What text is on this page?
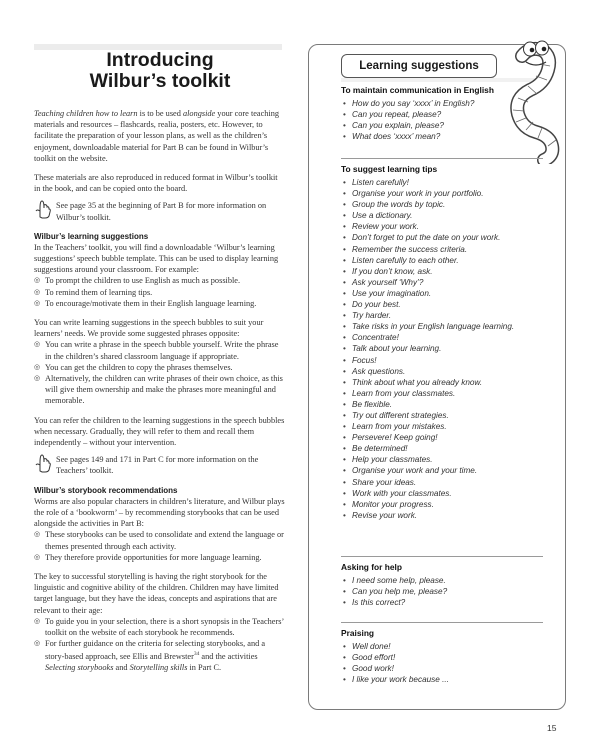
Introducing
Wilbur’s toolkit

Teaching children how to learn is to be used alongside your core teaching materials and resources – flashcards, realia, posters, etc. However, to facilitate the preparation of your lesson plans, as well as the children’s enjoyment, downloadable material for Part B can be found in Wilbur’s toolkit on the website.

These materials are also reproduced in reduced format in Wilbur’s toolkit in the book, and can be copied onto the board.

See page 35 at the beginning of Part B for more information on Wilbur’s toolkit.
Wilbur’s learning suggestions

In the Teachers’ toolkit, you will find a downloadable ‘Wilbur’s learning suggestions’ speech bubble template. This can be used to display learning suggestions around your classroom. For example:

◎ To prompt the children to use English as much as possible.
◎ To remind them of learning tips.
◎ To encourage/motivate them in their English language learning.

You can write learning suggestions in the speech bubbles to suit your learners’ needs. We provide some suggested phrases opposite:

◎ You can write a phrase in the speech bubble yourself. Write the phrase in the children’s shared classroom language if appropriate.
◎ You can get the children to copy the phrases themselves.
◎ Alternatively, the children can write phrases of their own choice, as this will give them ownership and make the phrases more meaningful and memorable.

You can refer the children to the learning suggestions in the speech bubbles when necessary. Gradually, they will refer to them and recall them independently – without your intervention.

See pages 149 and 171 in Part C for more information on the Teachers’ toolkit.
Wilbur’s storybook recommendations

Worms are also popular characters in children’s literature, and Wilbur plays the role of a ‘bookworm’ – by recommending storybooks that can be used alongside the activities in Part B:

◎ These storybooks can be used to consolidate and extend the language or themes presented through each activity.
◎ They therefore provide opportunities for more language learning.

The key to successful storytelling is having the right storybook for the linguistic and cognitive ability of the children. Children may have limited target language, but they have the ideas, concepts and aspirations that are relevant to their age:

◎ To guide you in your selection, there is a short synopsis in the Teachers’ toolkit on the website of each storybook he recommends.
◎ For further guidance on the criteria for selecting storybooks, and a story-based approach, see Ellis and Brewster$^{34}$ and the activities Selecting storybooks and Storytelling skills in Part C.
Learning suggestions
To maintain communication in English
• How do you say ‘xxxx’ in English?
• Can you repeat, please?
• Can you explain, please?
• What does ‘xxxx’ mean?
To suggest learning tips
• Listen carefully!
• Organise your work in your portfolio.
• Group the words by topic.
• Use a dictionary.
• Review your work.
• Don’t forget to put the date on your work.
• Remember the success criteria.
• Listen carefully to each other.
• If you don’t know, ask.
• Ask yourself ‘Why’?
• Use your imagination.
• Do your best.
• Try harder.
• Take risks in your English language learning.
• Concentrate!
• Talk about your learning.
• Focus!
• Ask questions.
• Think about what you already know.
• Learn from your classmates.
• Be flexible.
• Try out different strategies.
• Learn from your mistakes.
• Persevere! Keep going!
• Be determined!
• Help your classmates.
• Organise your work and your time.
• Share your ideas.
• Work with your classmates.
• Monitor your progress.
• Revise your work.
Asking for help
• I need some help, please.
• Can you help me, please?
• Is this correct?
Praising
• Well done!
• Good effort!
• Good work!
• I like your work because ...
15
